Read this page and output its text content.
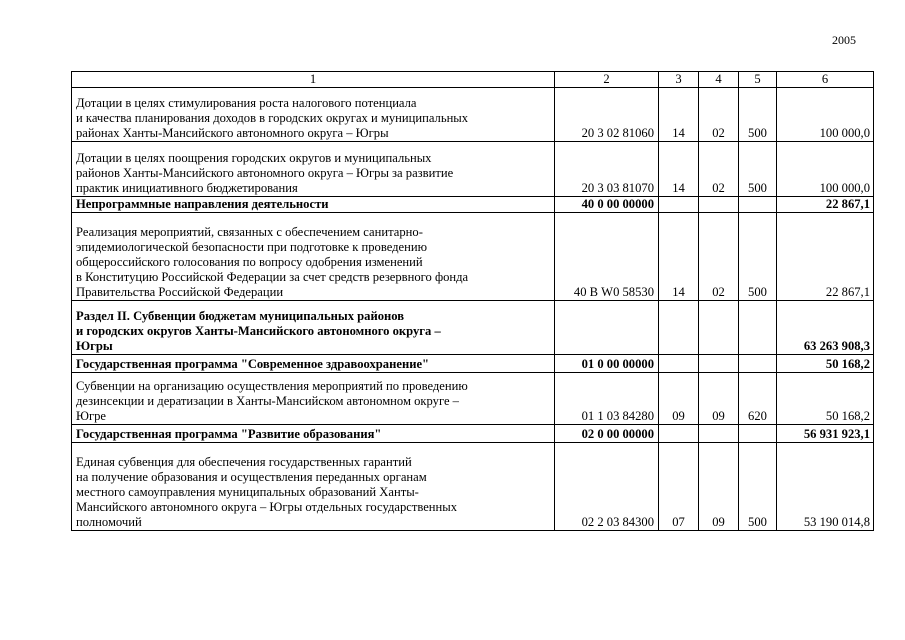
2005
1	2	3	4	5	6
Дотации в целях стимулирования роста налогового потенциала
и качества планирования доходов в городских округах и муниципальных
районах Ханты-Мансийского автономного округа – Югры	20 3 02 81060	14	02	500	100 000,0
Дотации в целях поощрения городских округов и муниципальных
районов Ханты-Мансийского автономного округа – Югры за развитие
практик инициативного бюджетирования	20 3 03 81070	14	02	500	100 000,0
Непрограммные направления деятельности	40 0 00 00000				22 867,1
Реализация мероприятий, связанных с обеспечением санитарно-
эпидемиологической безопасности при подготовке к проведению
общероссийского голосования по вопросу одобрения изменений
в Конституцию Российской Федерации за счет средств резервного фонда
Правительства Российской Федерации	40 В W0 58530	14	02	500	22 867,1
Раздел II. Субвенции бюджетам муниципальных районов
и городских округов Ханты-Мансийского автономного округа –
Югры					63 263 908,3
Государственная программа "Современное здравоохранение"	01 0 00 00000				50 168,2
Субвенции на организацию осуществления мероприятий по проведению
дезинсекции и дератизации в Ханты-Мансийском автономном округе –
Югре	01 1 03 84280	09	09	620	50 168,2
Государственная программа "Развитие образования"	02 0 00 00000				56 931 923,1
Единая субвенция для обеспечения государственных гарантий
на получение образования и осуществления переданных органам
местного самоуправления муниципальных образований Ханты-
Мансийского автономного округа – Югры отдельных государственных
полномочий	02 2 03 84300	07	09	500	53 190 014,8
